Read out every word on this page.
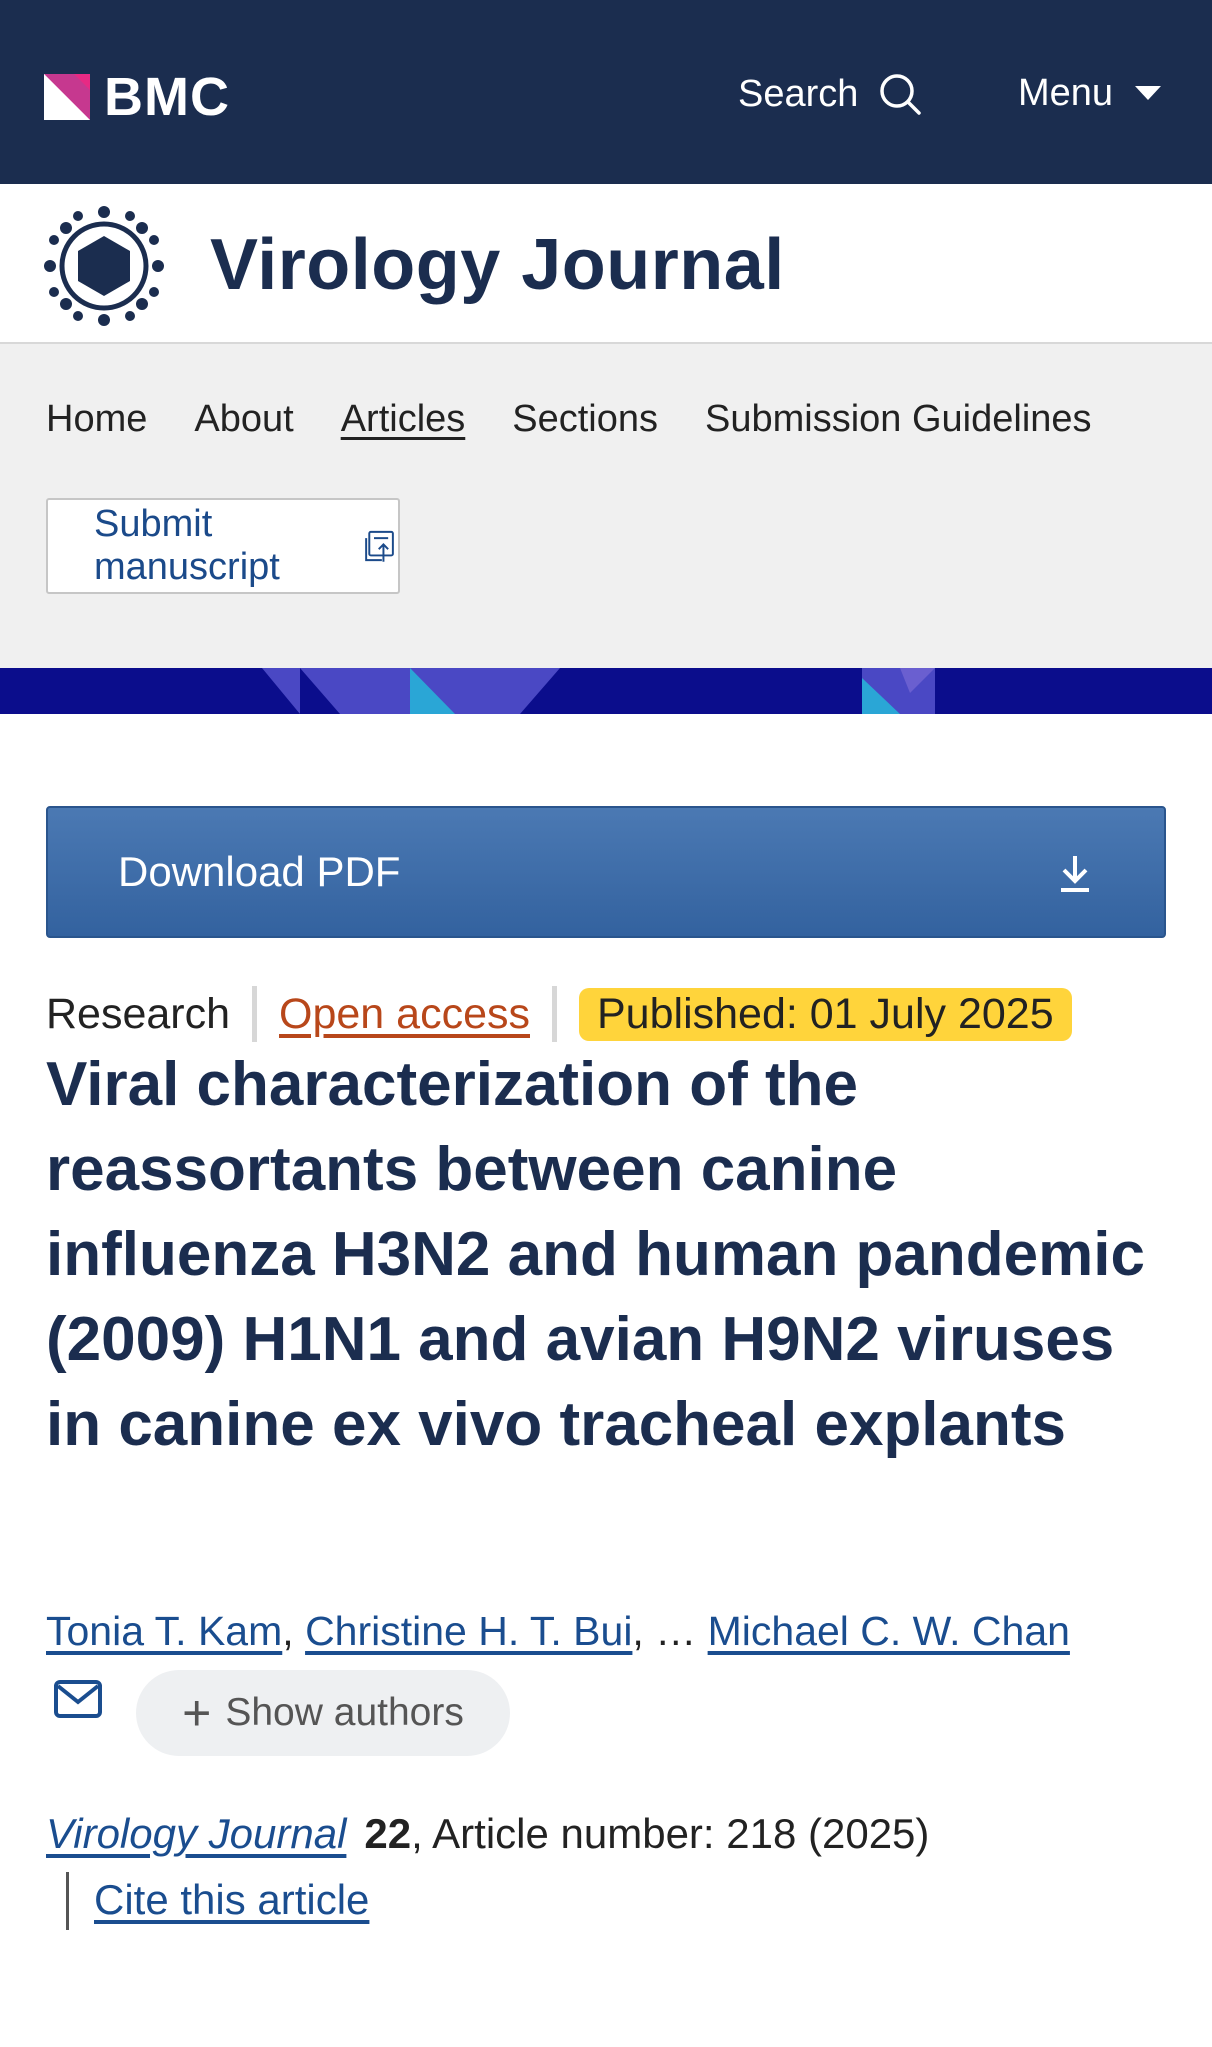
BMC	Search	Menu
Virology Journal
Home About Articles Sections Submission Guidelines
Submit manuscript
Download PDF
Research Open access	Published: 01 July 2025
Viral characterization of the reassortants between canine influenza H3N2 and human pandemic (2009) H1N1 and avian H9N2 viruses in canine ex vivo tracheal explants
Tonia T. Kam, Christine H. T. Bui, … Michael C. W. Chan
+ Show authors
Virology Journal 22, Article number: 218 (2025)
Cite this article
